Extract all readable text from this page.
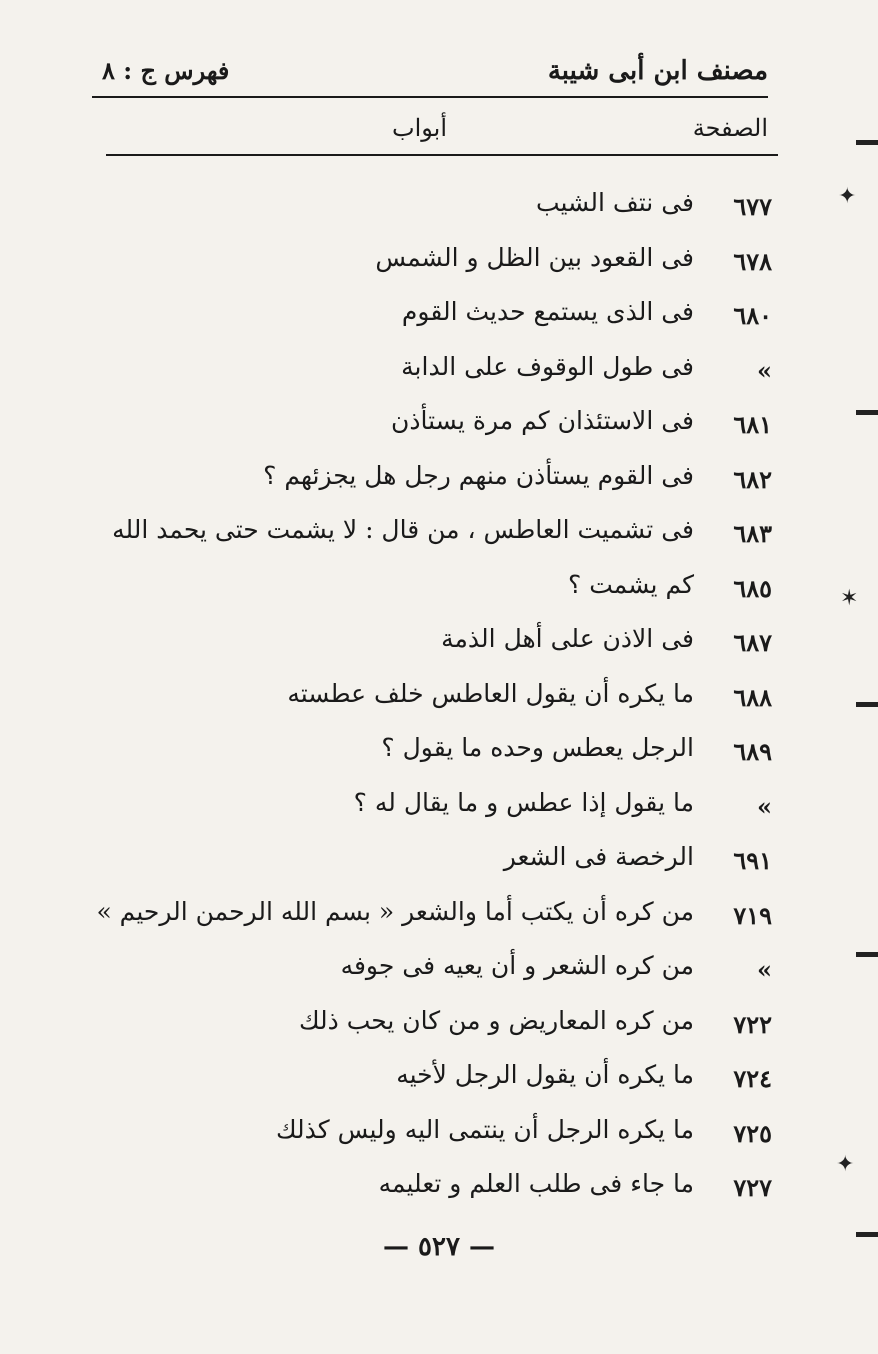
مصنف ابن أبى شيبة
فهرس ج : ٨
الصفحة
أبواب
٦٧٧
فى نتف الشيب
٦٧٨
فى القعود بين الظل و الشمس
٦٨٠
فى الذى يستمع حديث القوم
»
فى طول الوقوف على الدابة
٦٨١
فى الاستئذان كم مرة يستأذن
٦٨٢
فى القوم يستأذن منهم رجل هل يجزئهم ؟
٦٨٣
فى تشميت العاطس ، من قال : لا يشمت حتى يحمد الله
٦٨٥
كم يشمت ؟
٦٨٧
فى الاذن على أهل الذمة
٦٨٨
ما يكره أن يقول العاطس خلف عطسته
٦٨٩
الرجل يعطس وحده ما يقول ؟
»
ما يقول إذا عطس و ما يقال له ؟
٦٩١
الرخصة فى الشعر
٧١٩
من كره أن يكتب أما والشعر « بسم الله الرحمن الرحيم »
»
من كره الشعر و أن يعيه فى جوفه
٧٢٢
من كره المعاريض و من كان يحب ذلك
٧٢٤
ما يكره أن يقول الرجل لأخيه
٧٢٥
ما يكره الرجل أن ينتمى اليه وليس كذلك
٧٢٧
ما جاء فى طلب العلم و تعليمه
— ٥٢٧ —
✦
✶
✦
